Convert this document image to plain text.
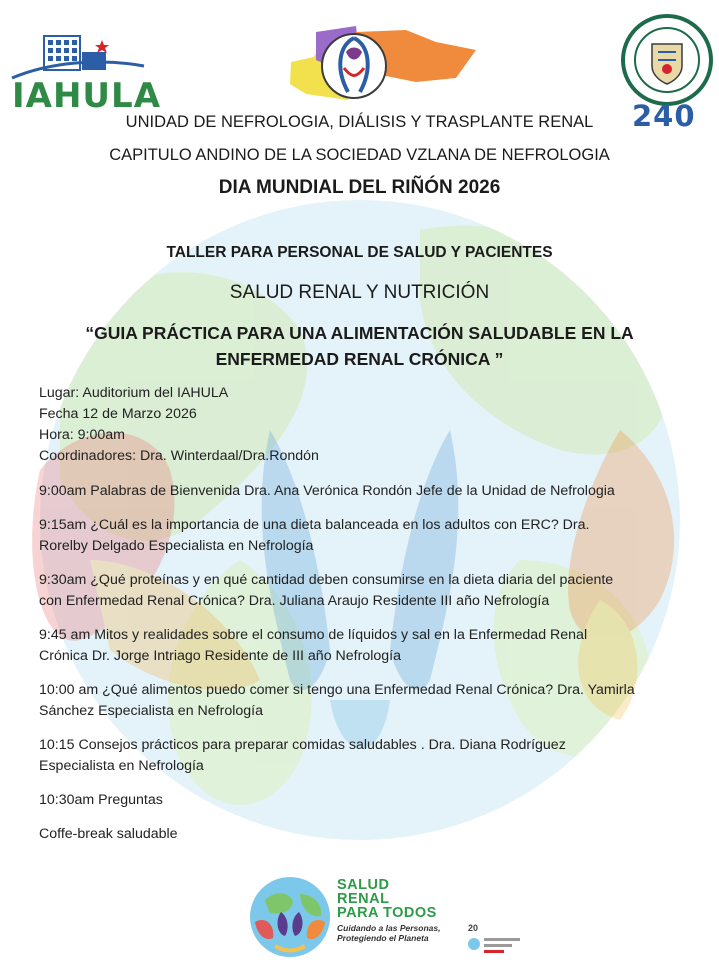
IAHULA	240
UNIDAD DE NEFROLOGIA, DIÁLISIS Y TRASPLANTE RENAL
CAPITULO ANDINO DE LA SOCIEDAD VZLANA DE NEFROLOGIA
DIA MUNDIAL DEL RIÑÓN 2026
TALLER PARA PERSONAL DE SALUD Y PACIENTES
SALUD RENAL Y NUTRICIÓN
“GUIA PRÁCTICA PARA UNA ALIMENTACIÓN SALUDABLE EN LA
ENFERMEDAD RENAL CRÓNICA ”
Lugar: Auditorium del IAHULA
Fecha 12 de Marzo 2026
Hora: 9:00am
Coordinadores: Dra. Winterdaal/Dra.Rondón
9:00am Palabras de Bienvenida Dra. Ana Verónica Rondón Jefe de la Unidad de Nefrologia
9:15am ¿Cuál es la importancia de una dieta balanceada en los adultos con ERC? Dra.
Rorelby Delgado Especialista en Nefrología
9:30am ¿Qué proteínas y en qué cantidad deben consumirse en la dieta diaria del paciente
con Enfermedad Renal Crónica? Dra. Juliana Araujo Residente III año Nefrología
9:45 am Mitos y realidades sobre el consumo de líquidos y sal en la Enfermedad Renal
Crónica Dr. Jorge Intriago Residente de III año Nefrología
10:00 am ¿Qué alimentos puedo comer si tengo una Enfermedad Renal Crónica? Dra. Yamirla
Sánchez Especialista en Nefrología
10:15 Consejos prácticos para preparar comidas saludables . Dra. Diana Rodríguez
Especialista en Nefrología
10:30am Preguntas
Coffe-break saludable
SALUD
RENAL
PARA TODOS
Cuidando a las Personas,
Protegiendo el Planeta
20
